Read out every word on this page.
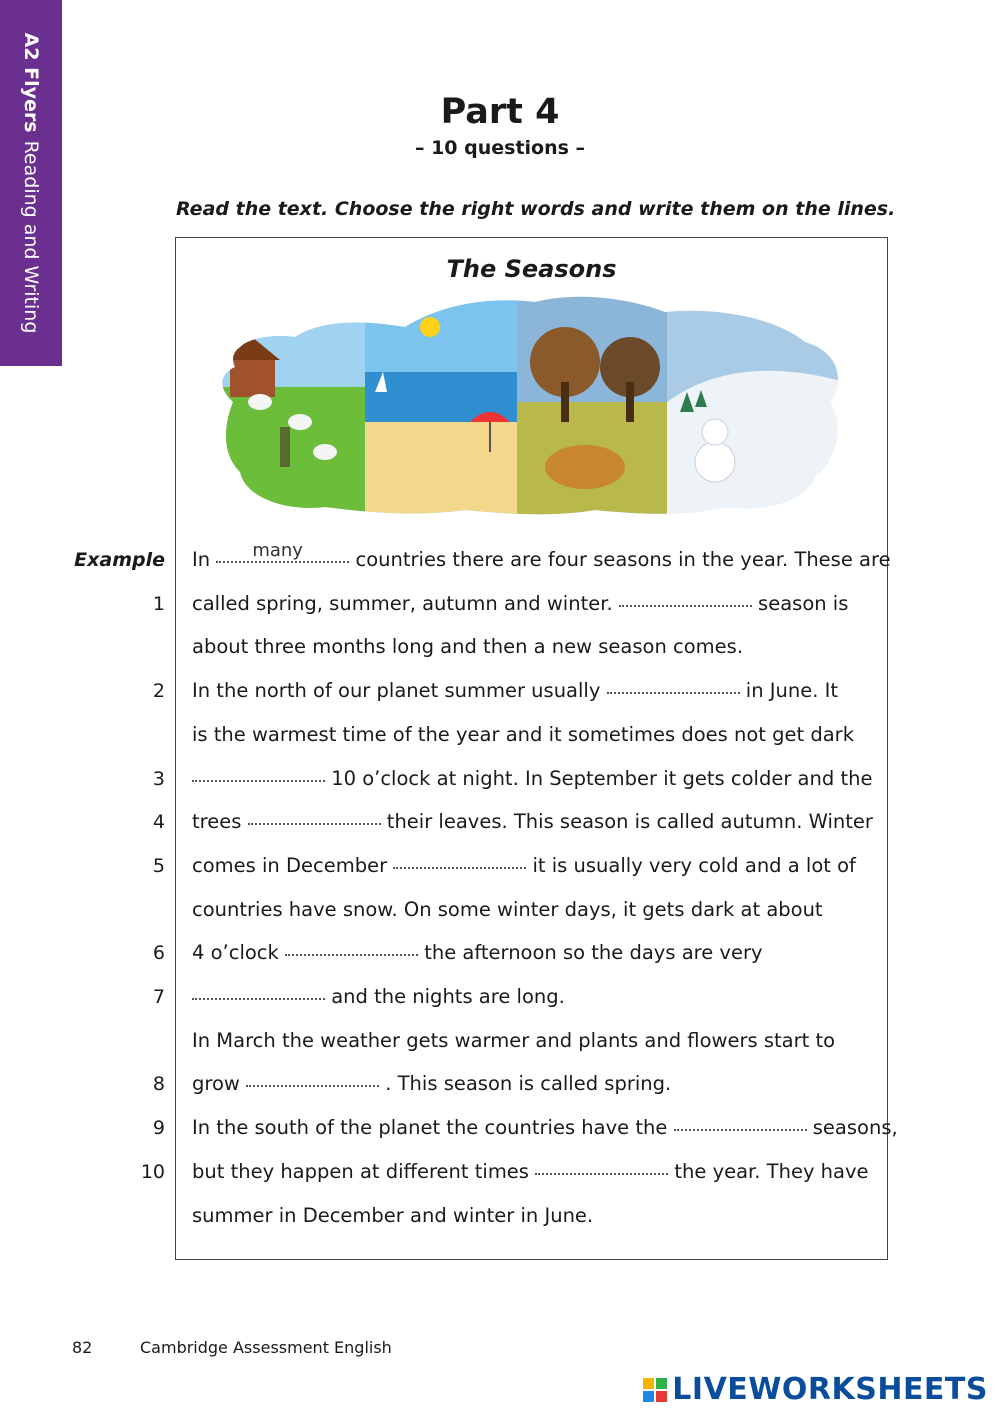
A2 FlyersReading and Writing
Part 4
– 10 questions –
Read the text. Choose the right words and write them on the lines.
The Seasons
Example In many countries there are four seasons in the year. These are
1 called spring, summer, autumn and winter.	season is
about three months long and then a new season comes.
2 In the north of our planet summer usually	in June. It
is the warmest time of the year and it sometimes does not get dark
3	10 o’clock at night. In September it gets colder and the
4 trees	their leaves. This season is called autumn. Winter
5 comes in December	it is usually very cold and a lot of
countries have snow. On some winter days, it gets dark at about
6 4 o’clock	the afternoon so the days are very
7	and the nights are long.
In March the weather gets warmer and plants and flowers start to
8 grow	. This season is called spring.
9 In the south of the planet the countries have the	seasons,
10 but they happen at different times	the year. They have
summer in December and winter in June.
82	Cambridge Assessment English
LIVEWORKSHEETS
